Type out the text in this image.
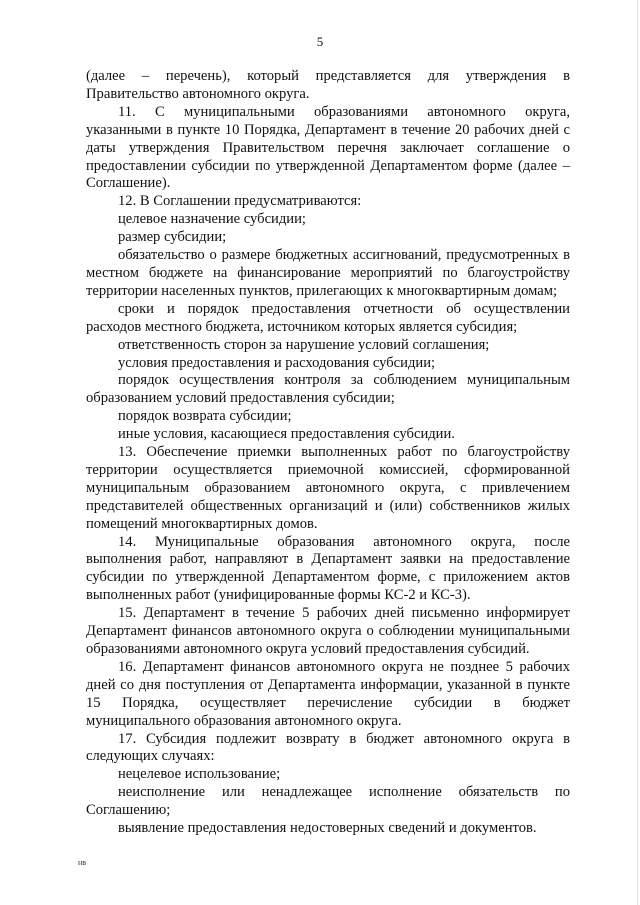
5

(далее – перечень), который представляется для утверждения в Правительство автономного округа.

11. С муниципальными образованиями автономного округа, указанными в пункте 10 Порядка, Департамент в течение 20 рабочих дней с даты утверждения Правительством перечня заключает соглашение о предоставлении субсидии по утвержденной Департаментом форме (далее – Соглашение).

12. В Соглашении предусматриваются:

целевое назначение субсидии;

размер субсидии;

обязательство о размере бюджетных ассигнований, предусмотренных в местном бюджете на финансирование мероприятий по благоустройству территории населенных пунктов, прилегающих к многоквартирным домам;

сроки и порядок предоставления отчетности об осуществлении расходов местного бюджета, источником которых является субсидия;

ответственность сторон за нарушение условий соглашения;

условия предоставления и расходования субсидии;

порядок осуществления контроля за соблюдением муниципальным образованием условий предоставления субсидии;

порядок возврата субсидии;

иные условия, касающиеся предоставления субсидии.

13. Обеспечение приемки выполненных работ по благоустройству территории осуществляется приемочной комиссией, сформированной муниципальным образованием автономного округа, с привлечением представителей общественных организаций и (или) собственников жилых помещений многоквартирных домов.

14. Муниципальные образования автономного округа, после выполнения работ, направляют в Департамент заявки на предоставление субсидии по утвержденной Департаментом форме, с приложением актов выполненных работ (унифицированные формы КС-2 и КС-3).

15. Департамент в течение 5 рабочих дней письменно информирует Департамент финансов автономного округа о соблюдении муниципальными образованиями автономного округа условий предоставления субсидий.

16. Департамент финансов автономного округа не позднее 5 рабочих дней со дня поступления от Департамента информации, указанной в пункте 15 Порядка, осуществляет перечисление субсидии в бюджет муниципального образования автономного округа.

17. Субсидия подлежит возврату в бюджет автономного округа в следующих случаях:

нецелевое использование;

неисполнение или ненадлежащее исполнение обязательств по Соглашению;

выявление предоставления недостоверных сведений и документов.

нв
